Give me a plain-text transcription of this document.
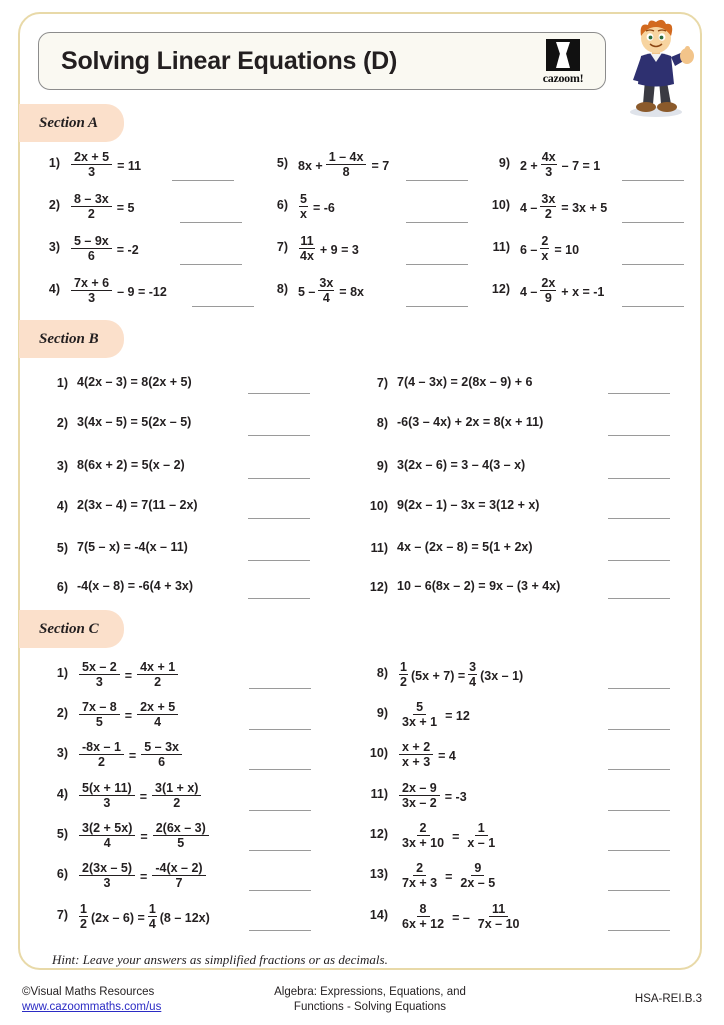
Solving Linear Equations (D)
cazoom!
Section A
Section B
Section C
$1) \frac{2x + 5}{3} = 11$
$2) \frac{8 - 3x}{2} = 5$
$3) \frac{5 - 9x}{6} = -2$
$4) \frac{7x + 6}{3} - 9 = -12$
5) $8x + \frac{1 - 4x}{8} = 7$
$6) \frac{5}{x} = -6$
$7) \frac{11}{4x} + 9 = 3$
8) $5 - \frac{3x}{4} = 8x$
9) $2 + \frac{4x}{3} - 7 = 1$
10) $4 - \frac{3x}{2} = 3x + 5$
11) $6 - \frac{2}{x} = 10$
12) $4 - \frac{2x}{9} + x = -1$
1) 4(2x – 3) = 8(2x + 5)
2) 3(4x – 5) = 5(2x – 5)
3) 8(6x + 2) = 5(x – 2)
4) 2(3x – 4) = 7(11 – 2x)
5) 7(5 – x) = -4(x – 11)
6) -4(x – 8) = -6(4 + 3x)
7) 7(4 – 3x) = 2(8x – 9) + 6
8) -6(3 – 4x) + 2x = 8(x + 11)
9) 3(2x – 6) = 3 – 4(3 – x)
10) 9(2x – 1) – 3x = 3(12 + x)
11) 4x – (2x – 8) = 5(1 + 2x)
12) 10 – 6(8x – 2) = 9x – (3 + 4x)
$1) \frac{5x - 2}{3} = \frac{4x + 1}{2}$
$2) \frac{7x - 8}{5} = \frac{2x + 5}{4}$
$3) \frac{-8x - 1}{2} = \frac{5 - 3x}{6}$
$4) \frac{5(x + 11)}{3} = \frac{3(1 + x)}{2}$
$5) \frac{3(2 + 5x)}{4} = \frac{2(6x - 3)}{5}$
$6) \frac{2(3x - 5)}{3} = \frac{-4(x - 2)}{7}$
$7) \frac{1}{2} (2x - 6) = \frac{1}{4} (8 - 12x)$
$8) \frac{1}{2} (5x + 7) = \frac{3}{4} (3x - 1)$
$9) \frac{5}{3x + 1} = 12$
$10) \frac{x + 2}{x + 3} = 4$
$11) \frac{2x - 9}{3x - 2} = -3$
$12) \frac{2}{3x + 10} = \frac{1}{x - 1}$
$13) \frac{2}{7x + 3} = \frac{9}{2x - 5}$
$14) \frac{8}{6x + 12}$ = – $\frac{11}{7x - 10}$
Hint: Leave your answers as simplified fractions or as decimals.
©Visual Maths Resources
www.cazoommaths.com/us
Algebra: Expressions, Equations, and
Functions - Solving Equations
HSA-REI.B.3
